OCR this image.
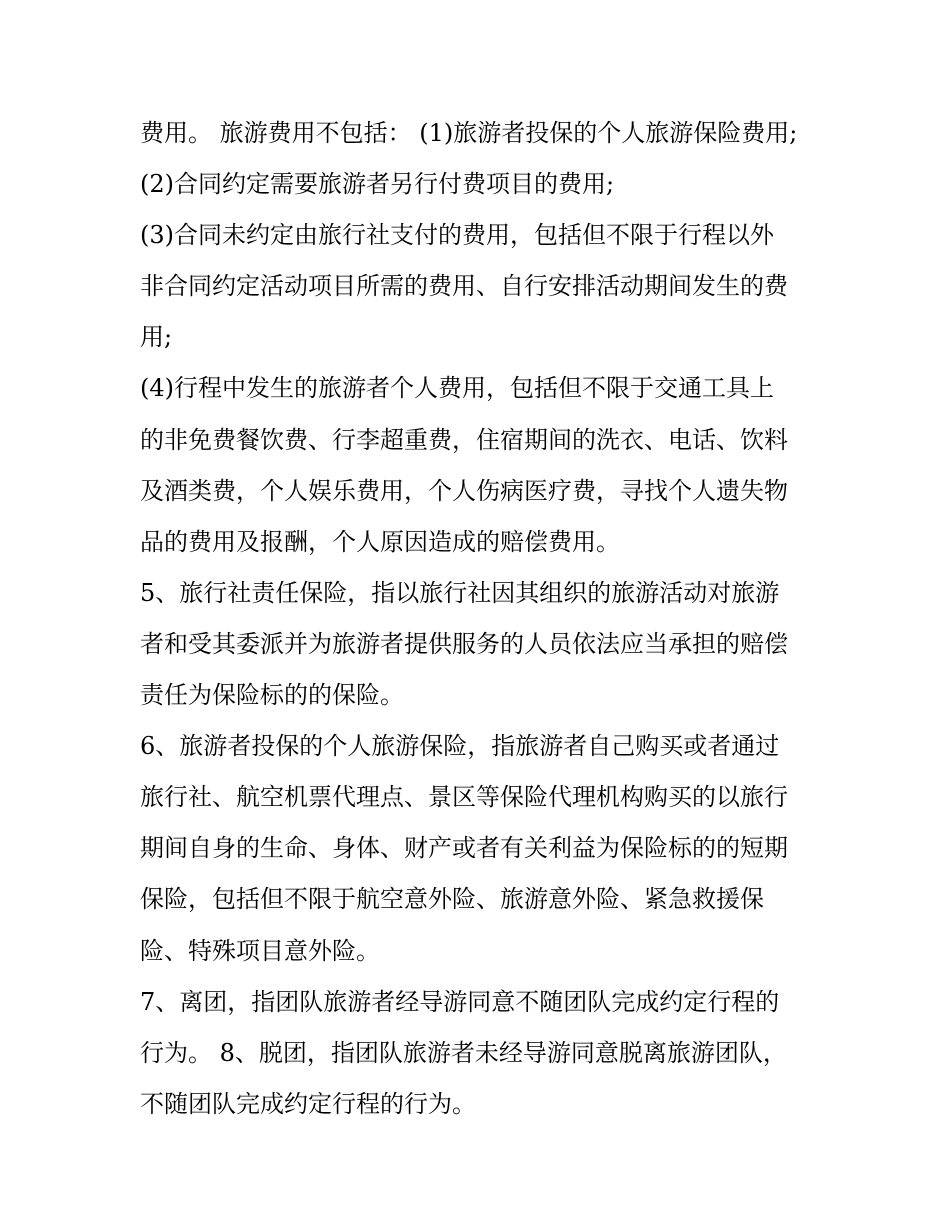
费用。 旅游费用不包括： (1)旅游者投保的个人旅游保险费用;
(2)合同约定需要旅游者另行付费项目的费用;
(3)合同未约定由旅行社支付的费用，包括但不限于行程以外
非合同约定活动项目所需的费用、自行安排活动期间发生的费
用;
(4)行程中发生的旅游者个人费用，包括但不限于交通工具上
的非免费餐饮费、行李超重费，住宿期间的洗衣、电话、饮料
及酒类费，个人娱乐费用，个人伤病医疗费，寻找个人遗失物
品的费用及报酬，个人原因造成的赔偿费用。
5、旅行社责任保险，指以旅行社因其组织的旅游活动对旅游
者和受其委派并为旅游者提供服务的人员依法应当承担的赔偿
责任为保险标的的保险。
6、旅游者投保的个人旅游保险，指旅游者自己购买或者通过
旅行社、航空机票代理点、景区等保险代理机构购买的以旅行
期间自身的生命、身体、财产或者有关利益为保险标的的短期
保险，包括但不限于航空意外险、旅游意外险、紧急救援保
险、特殊项目意外险。
7、离团，指团队旅游者经导游同意不随团队完成约定行程的
行为。 8、脱团，指团队旅游者未经导游同意脱离旅游团队，
不随团队完成约定行程的行为。
